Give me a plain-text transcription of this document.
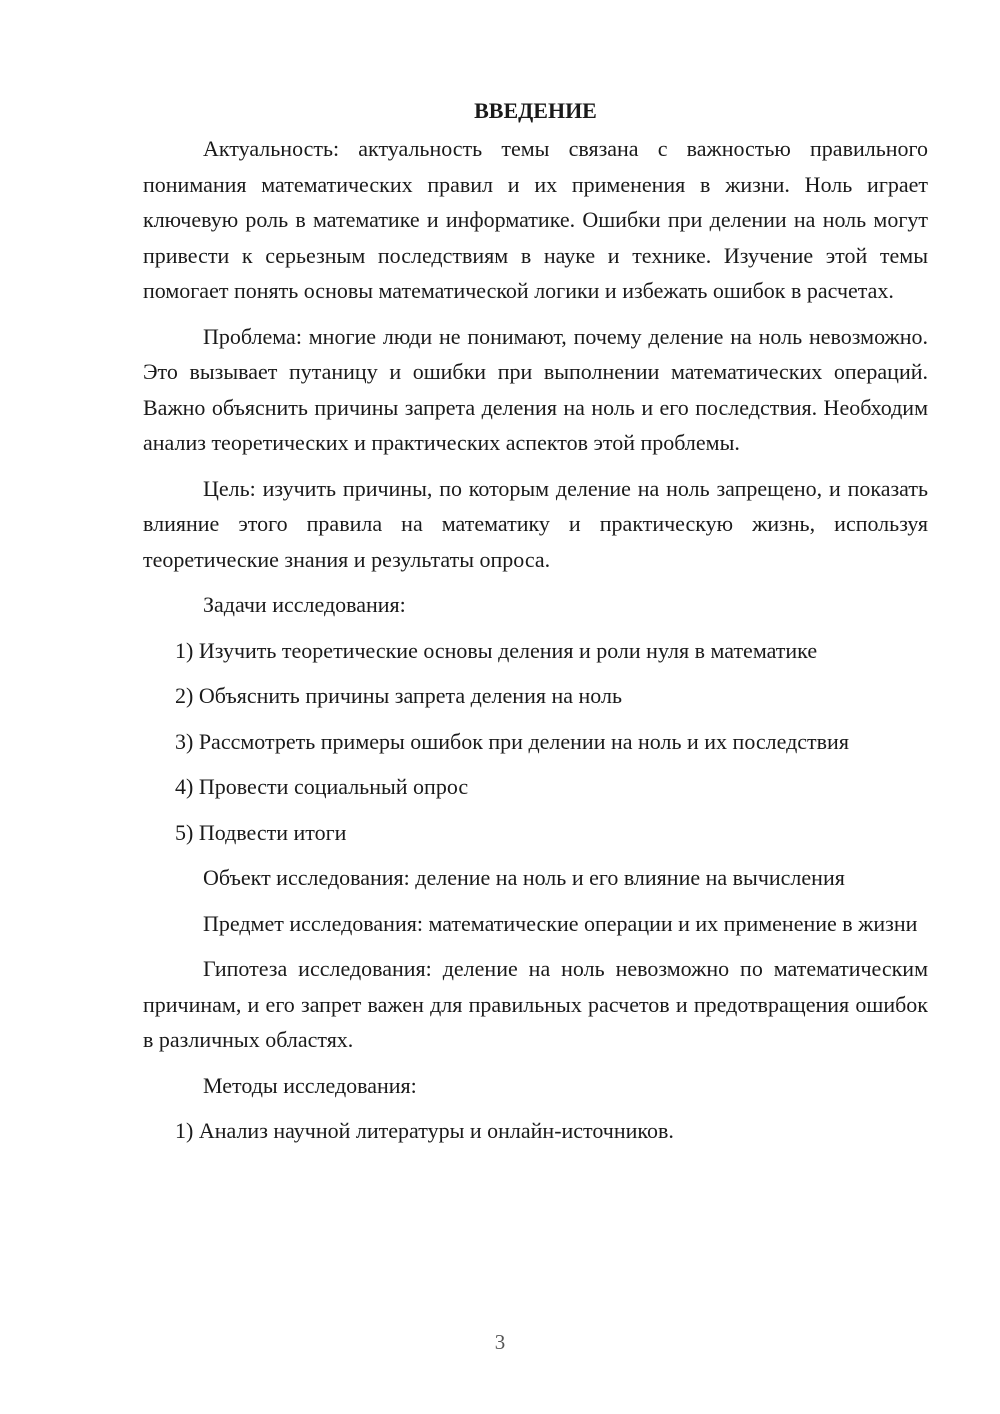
ВВЕДЕНИЕ

Актуальность: актуальность темы связана с важностью правильного понимания математических правил и их применения в жизни. Ноль играет ключевую роль в математике и информатике. Ошибки при делении на ноль могут привести к серьезным последствиям в науке и технике. Изучение этой темы помогает понять основы математической логики и избежать ошибок в расчетах.

Проблема: многие люди не понимают, почему деление на ноль невозможно. Это вызывает путаницу и ошибки при выполнении математических операций. Важно объяснить причины запрета деления на ноль и его последствия. Необходим анализ теоретических и практических аспектов этой проблемы.

Цель: изучить причины, по которым деление на ноль запрещено, и показать влияние этого правила на математику и практическую жизнь, используя теоретические знания и результаты опроса.

Задачи исследования:

1) Изучить теоретические основы деления и роли нуля в математике

2) Объяснить причины запрета деления на ноль

3) Рассмотреть примеры ошибок при делении на ноль и их последствия

4) Провести социальный опрос

5) Подвести итоги

Объект исследования: деление на ноль и его влияние на вычисления

Предмет исследования: математические операции и их применение в жизни

Гипотеза исследования: деление на ноль невозможно по математическим причинам, и его запрет важен для правильных расчетов и предотвращения ошибок в различных областях.

Методы исследования:

1) Анализ научной литературы и онлайн-источников.

3
